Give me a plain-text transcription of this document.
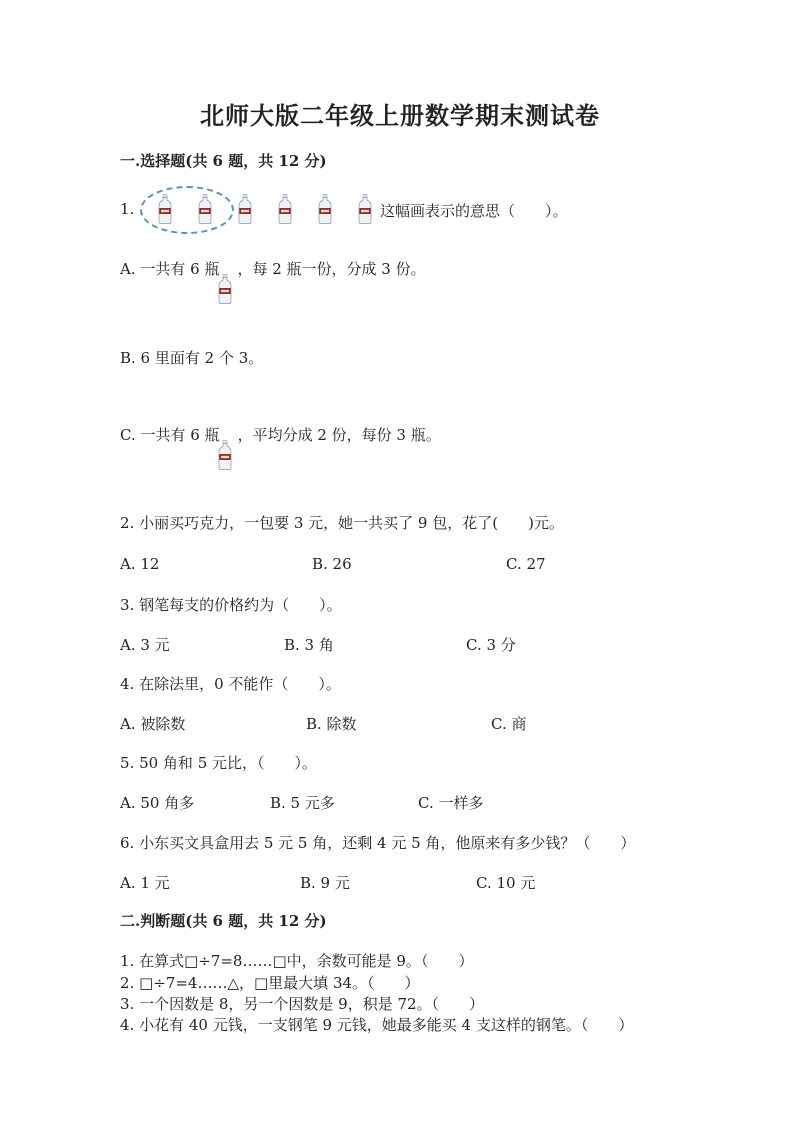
北师大版二年级上册数学期末测试卷
一.选择题(共 6 题，共 12 分)
1.	这幅画表示的意思（　　）。
A. 一共有 6 瓶 ，每 2 瓶一份，分成 3 份。
B. 6 里面有 2 个 3。
C. 一共有 6 瓶 ，平均分成 2 份，每份 3 瓶。
2. 小丽买巧克力，一包要 3 元，她一共买了 9 包，花了(　　)元。
A. 12	B. 26	C. 27
3. 钢笔每支的价格约为（　　）。
A. 3 元	B. 3 角	C. 3 分
4. 在除法里，0 不能作（　　）。
A. 被除数	B. 除数	C. 商
5. 50 角和 5 元比，（　　）。
A. 50 角多	B. 5 元多	C. 一样多
6. 小东买文具盒用去 5 元 5 角，还剩 4 元 5 角，他原来有多少钱？（　　）
A. 1 元	B. 9 元	C. 10 元
二.判断题(共 6 题，共 12 分)
1. 在算式□÷7=8……□中，余数可能是 9。（　　）
2. □÷7=4……△，□里最大填 34。（　　）
3. 一个因数是 8，另一个因数是 9，积是 72。（　　）
4. 小花有 40 元钱，一支钢笔 9 元钱，她最多能买 4 支这样的钢笔。（　　）
